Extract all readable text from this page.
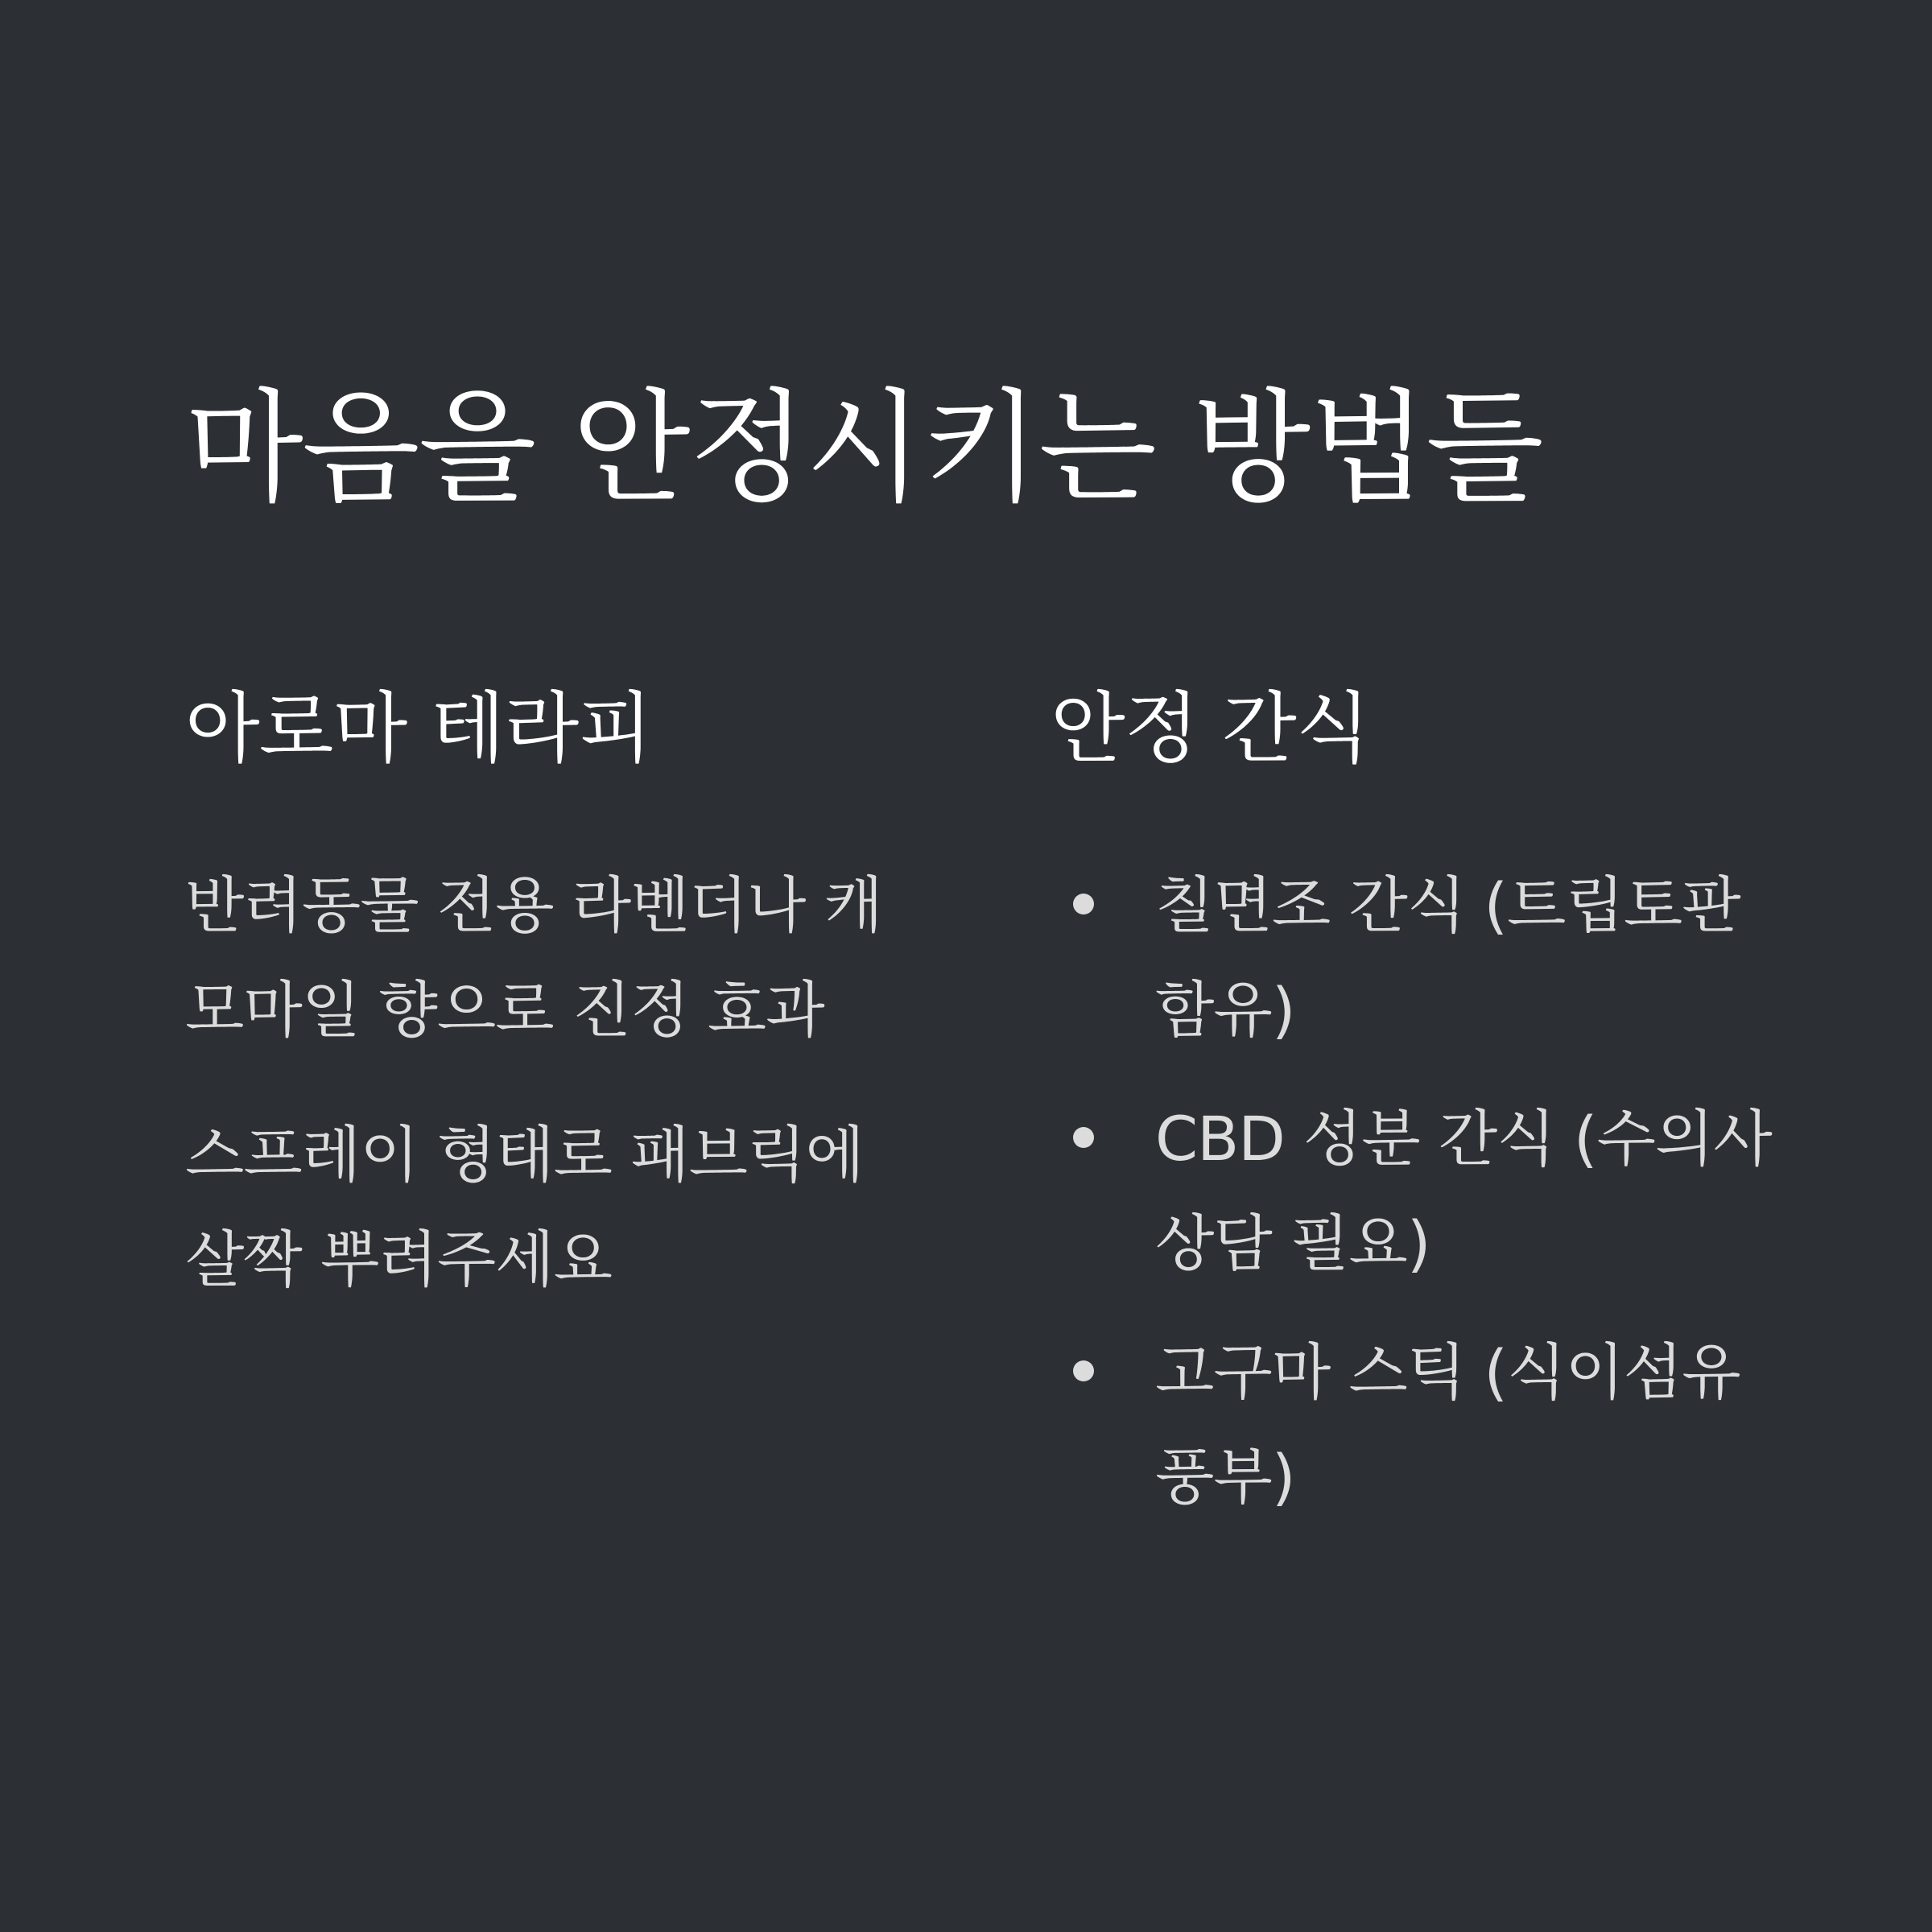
마음을 안정시키는 방법들
아로마 테라피

반려동물 전용 라벤더나 캐모마일 향으로 진정 효과

스프레이 형태로 패브릭에 살짝 뿌려주세요

안정 간식
칠면조 간식 (트립토판 함유)
CBD 성분 간식 (수의사 상담 필요)
고구마 스틱 (식이섬유 풍부)
